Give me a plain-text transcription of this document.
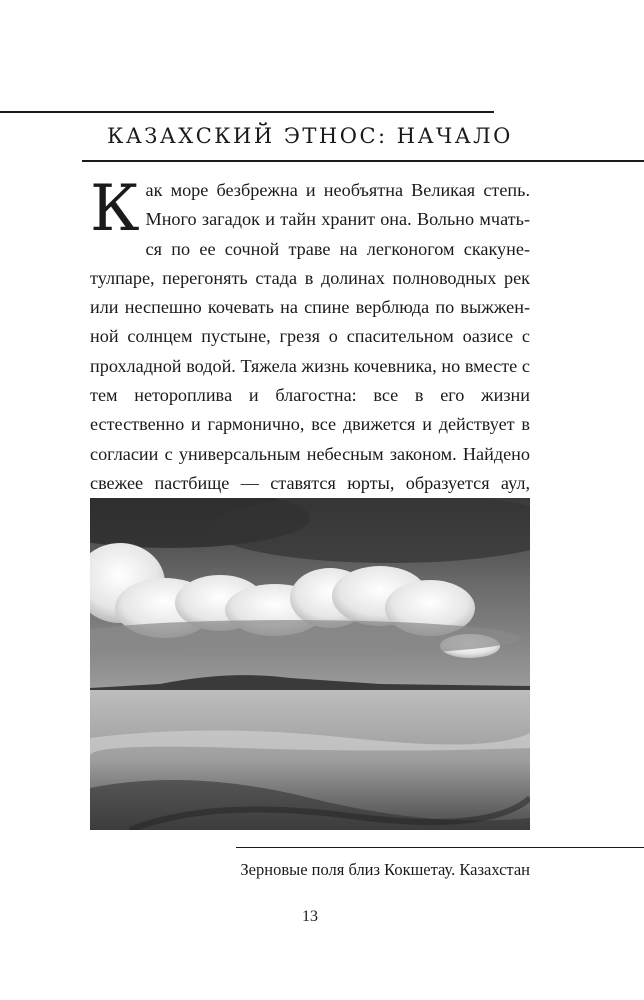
КАЗАХСКИЙ ЭТНОС: НАЧАЛО

Как море безбрежна и необъятна Великая степь. Много загадок и тайн хранит она. Вольно мчаться по ее сочной траве на легконогом скакуне-тулпаре, перегонять стада в долинах полноводных рек или неспешно кочевать на спине верблюда по выжженной солнцем пустыне, грезя о спасительном оазисе с прохладной водой. Тяжела жизнь кочевника, но вместе с тем неторопливa и благостна: все в его жизни естественно и гармонично, все движется и действует в согласии с универсальным небесным законом. Найдено свежее пастбище — ставятся юрты, образуется аул,

Зерновые поля близ Кокшетау. Казахстан
13
